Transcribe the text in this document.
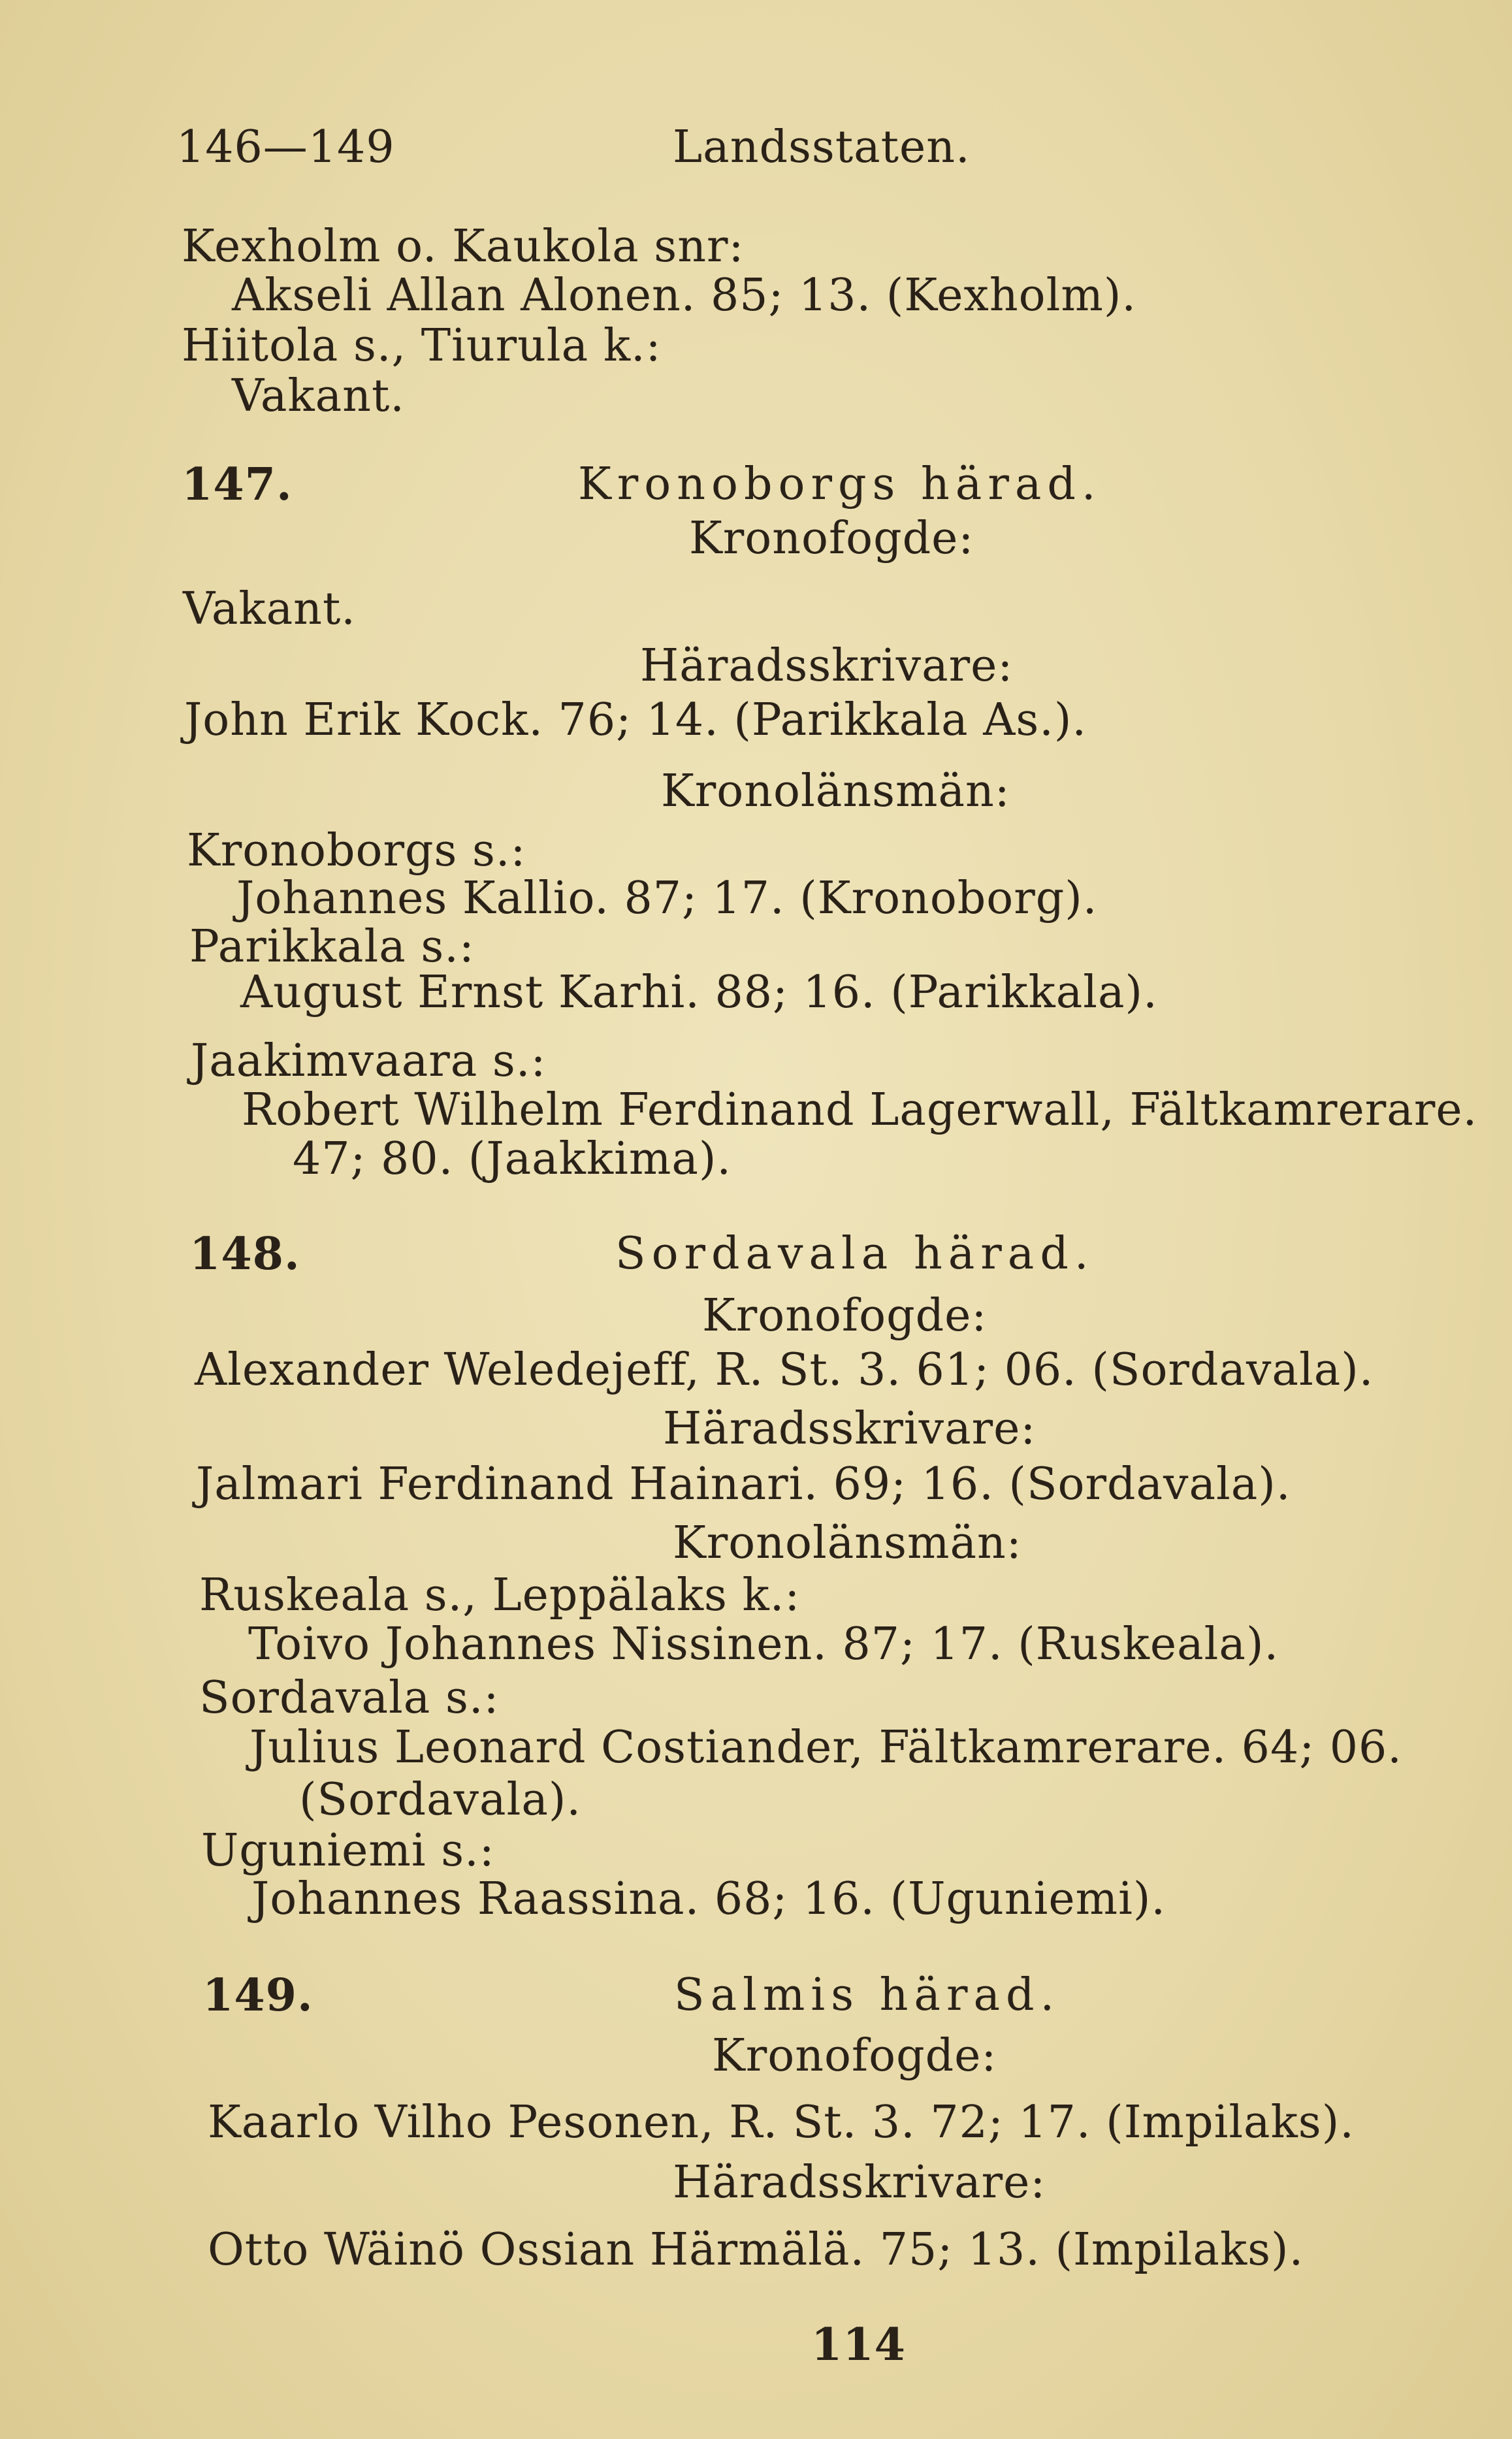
146—149	Landsstaten.
Kexholm o. Kaukola snr:
Akseli Allan Alonen. 85; 13. (Kexholm).
Hiitola s., Tiurula k.:
Vakant.
147.	Kronoborgs härad.
Kronofogde:
Vakant.
Häradsskrivare:
John Erik Kock. 76; 14. (Parikkala As.).
Kronolänsmän:
Kronoborgs s.:
Johannes Kallio. 87; 17. (Kronoborg).
Parikkala s.:
August Ernst Karhi. 88; 16. (Parikkala).
Jaakimvaara s.:
Robert Wilhelm Ferdinand Lagerwall, Fältkamrerare.
47; 80. (Jaakkima).
148.	Sordavala härad.
Kronofogde:
Alexander Weledejeff, R. St. 3. 61; 06. (Sordavala).
Häradsskrivare:
Jalmari Ferdinand Hainari. 69; 16. (Sordavala).
Kronolänsmän:
Ruskeala s., Leppälaks k.:
Toivo Johannes Nissinen. 87; 17. (Ruskeala).
Sordavala s.:
Julius Leonard Costiander, Fältkamrerare. 64; 06.
(Sordavala).
Uguniemi s.:
Johannes Raassina. 68; 16. (Uguniemi).
149.	Salmis härad.
Kronofogde:
Kaarlo Vilho Pesonen, R. St. 3. 72; 17. (Impilaks).
Häradsskrivare:
Otto Wäinö Ossian Härmälä. 75; 13. (Impilaks).
114
